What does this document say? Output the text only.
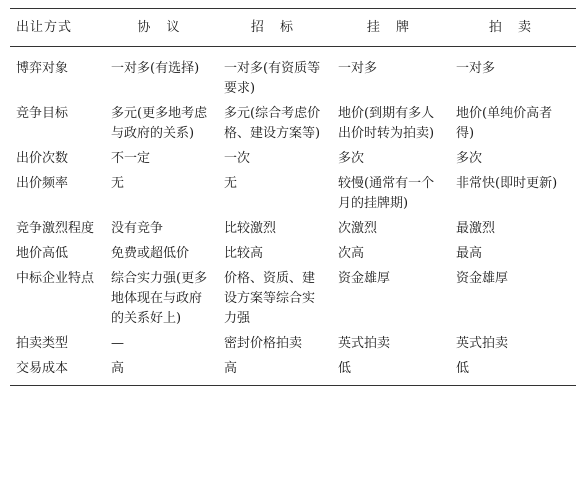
出让方式	协 议	招 标	挂 牌	拍 卖
博弈对象	一对多(有选择)	一对多(有资质等要求)	一对多	一对多
竞争目标	多元(更多地考虑与政府的关系)	多元(综合考虑价格、建设方案等)	地价(到期有多人出价时转为拍卖)	地价(单纯价高者得)
出价次数	不一定	一次	多次	多次
出价频率	无	无	较慢(通常有一个月的挂牌期)	非常快(即时更新)
竞争激烈程度	没有竞争	比较激烈	次激烈	最激烈
地价高低	免费或超低价	比较高	次高	最高
中标企业特点	综合实力强(更多地体现在与政府的关系好上)	价格、资质、建设方案等综合实力强	资金雄厚	资金雄厚
拍卖类型	—	密封价格拍卖	英式拍卖	英式拍卖
交易成本	高	高	低	低
